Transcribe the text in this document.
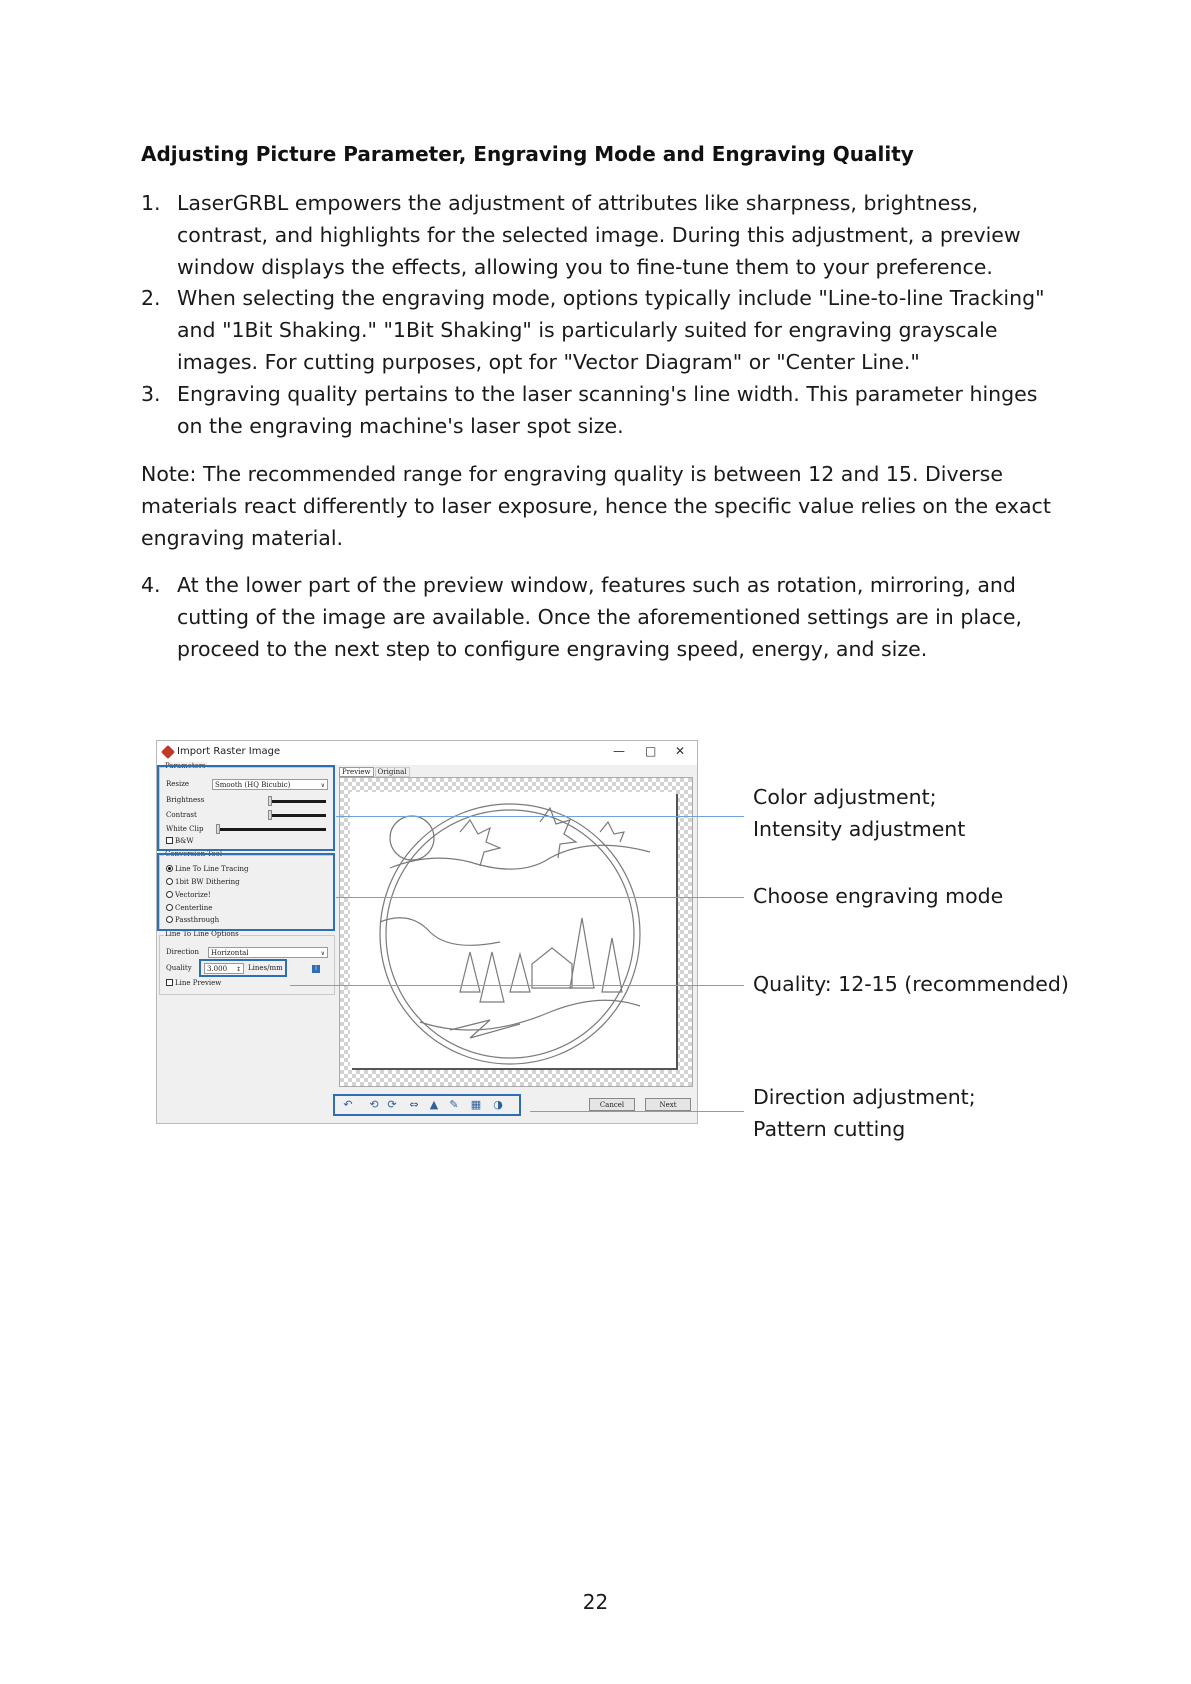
Adjusting Picture Parameter, Engraving Mode and Engraving Quality
1. LaserGRBL empowers the adjustment of attributes like sharpness, brightness, contrast, and highlights for the selected image. During this adjustment, a preview window displays the effects, allowing you to fine-tune them to your preference.
2. When selecting the engraving mode, options typically include "Line-to-line Tracking" and "1Bit Shaking." "1Bit Shaking" is particularly suited for engraving grayscale images. For cutting purposes, opt for "Vector Diagram" or "Center Line."
3. Engraving quality pertains to the laser scanning's line width. This parameter hinges on the engraving machine's laser spot size.

Note: The recommended range for engraving quality is between 12 and 15. Diverse materials react differently to laser exposure, hence the specific value relies on the exact engraving material.

4. At the lower part of the preview window, features such as rotation, mirroring, and cutting of the image are available. Once the aforementioned settings are in place, proceed to the next step to configure engraving speed, energy, and size.
Import Raster Image	— □ ✕
Parameters
Resize	Smooth (HQ Bicubic)	∨
Brightness
Contrast
White Clip
B&W
Conversion Tool
Line To Line Tracing
1bit BW Dithering
Vectorize!
Centerline
Passthrough
Line To Line Options
Direction	Horizontal	∨
Quality	3.000 ↕ Lines/mm	i
Line Preview
Preview Original
↶ ⟲ ⟳ ⇔ ▲ ✎ ▦ ◑	Cancel	Next
Color adjustment;
Intensity adjustment
Choose engraving mode
Quality: 12-15 (recommended)
Direction adjustment;
Pattern cutting
22
